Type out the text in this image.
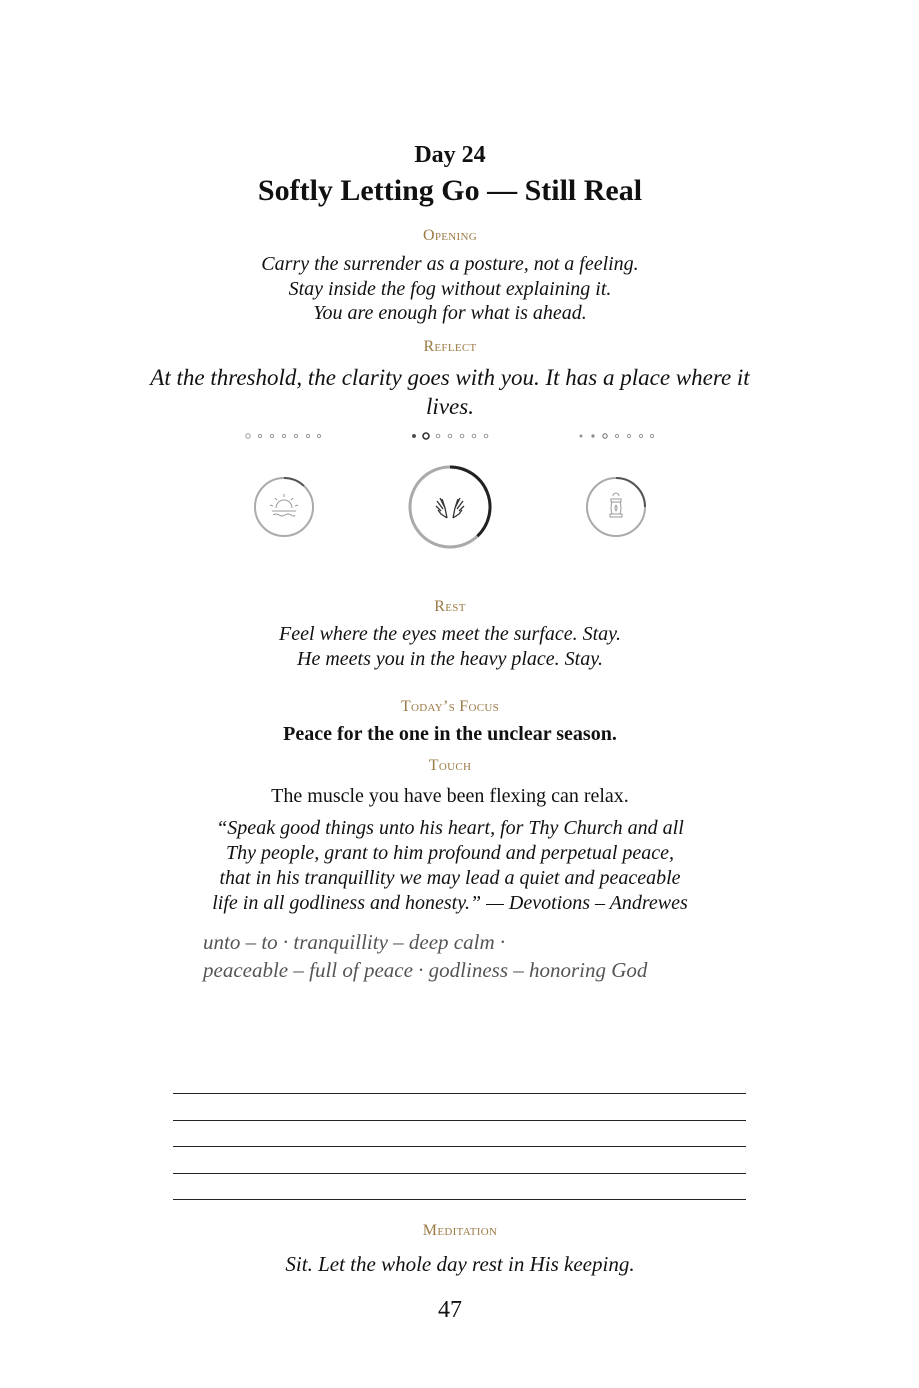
Day 24
Softly Letting Go — Still Real
Opening
Carry the surrender as a posture, not a feeling.
Stay inside the fog without explaining it.
You are enough for what is ahead.
Reflect
At the threshold, the clarity goes with you. It has a place where it lives.
Rest
Feel where the eyes meet the surface. Stay.
He meets you in the heavy place. Stay.
Today’s Focus
Peace for the one in the unclear season.
Touch
The muscle you have been flexing can relax.
“Speak good things unto his heart, for Thy Church and all
Thy people, grant to him profound and perpetual peace,
that in his tranquillity we may lead a quiet and peaceable
life in all godliness and honesty.” — Devotions – Andrewes
unto – to · tranquillity – deep calm ·
peaceable – full of peace · godliness – honoring God
Meditation
Sit. Let the whole day rest in His keeping.
47
